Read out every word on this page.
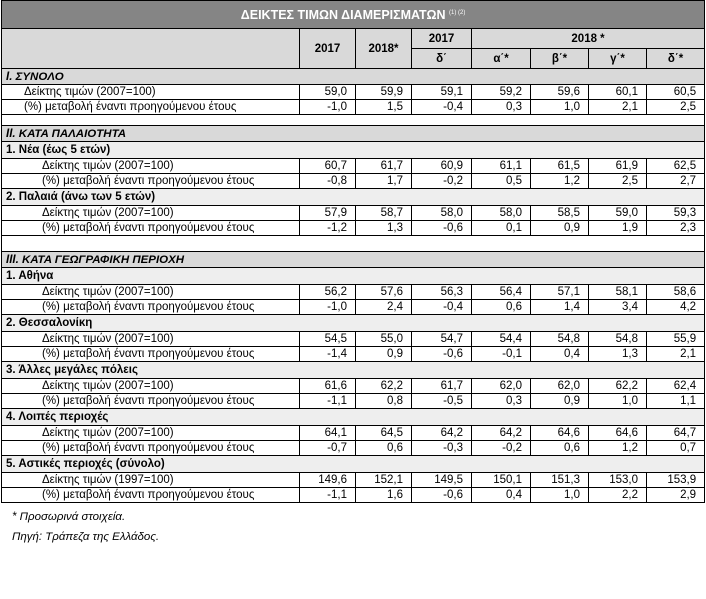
ΔΕΙΚΤΕΣ ΤΙΜΩΝ ΔΙΑΜΕΡΙΣΜΑΤΩΝ $^{(1) (2)}$
	2017	2018*	2017	2018 *			
			δ΄	α΄*	β΄*	γ΄*	δ΄*
I. ΣΥΝΟΛΟ							
Δείκτης τιμών (2007=100)	59,0	59,9	59,1	59,2	59,6	60,1	60,5
(%) μεταβολή έναντι προηγούμενου έτους	-1,0	1,5	-0,4	0,3	1,0	2,1	2,5

II. ΚΑΤΑ ΠΑΛΑΙΟΤΗΤΑ							
1. Νέα (έως 5 ετών)							
Δείκτης τιμών (2007=100)	60,7	61,7	60,9	61,1	61,5	61,9	62,5
(%) μεταβολή έναντι προηγούμενου έτους	-0,8	1,7	-0,2	0,5	1,2	2,5	2,7
2. Παλαιά (άνω των 5 ετών)							
Δείκτης τιμών (2007=100)	57,9	58,7	58,0	58,0	58,5	59,0	59,3
(%) μεταβολή έναντι προηγούμενου έτους	-1,2	1,3	-0,6	0,1	0,9	1,9	2,3

III. ΚΑΤΑ ΓΕΩΓΡΑΦΙΚΗ ΠΕΡΙΟΧΗ							
1. Αθήνα							
Δείκτης τιμών (2007=100)	56,2	57,6	56,3	56,4	57,1	58,1	58,6
(%) μεταβολή έναντι προηγούμενου έτους	-1,0	2,4	-0,4	0,6	1,4	3,4	4,2
2. Θεσσαλονίκη							
Δείκτης τιμών (2007=100)	54,5	55,0	54,7	54,4	54,8	54,8	55,9
(%) μεταβολή έναντι προηγούμενου έτους	-1,4	0,9	-0,6	-0,1	0,4	1,3	2,1
3. Άλλες μεγάλες πόλεις							
Δείκτης τιμών (2007=100)	61,6	62,2	61,7	62,0	62,0	62,2	62,4
(%) μεταβολή έναντι προηγούμενου έτους	-1,1	0,8	-0,5	0,3	0,9	1,0	1,1
4. Λοιπές περιοχές							
Δείκτης τιμών (2007=100)	64,1	64,5	64,2	64,2	64,6	64,6	64,7
(%) μεταβολή έναντι προηγούμενου έτους	-0,7	0,6	-0,3	-0,2	0,6	1,2	0,7
5. Αστικές περιοχές (σύνολο)							
Δείκτης τιμών (1997=100)	149,6	152,1	149,5	150,1	151,3	153,0	153,9
(%) μεταβολή έναντι προηγούμενου έτους	-1,1	1,6	-0,6	0,4	1,0	2,2	2,9
* Προσωρινά στοιχεία.
Πηγή: Τράπεζα της Ελλάδος.
